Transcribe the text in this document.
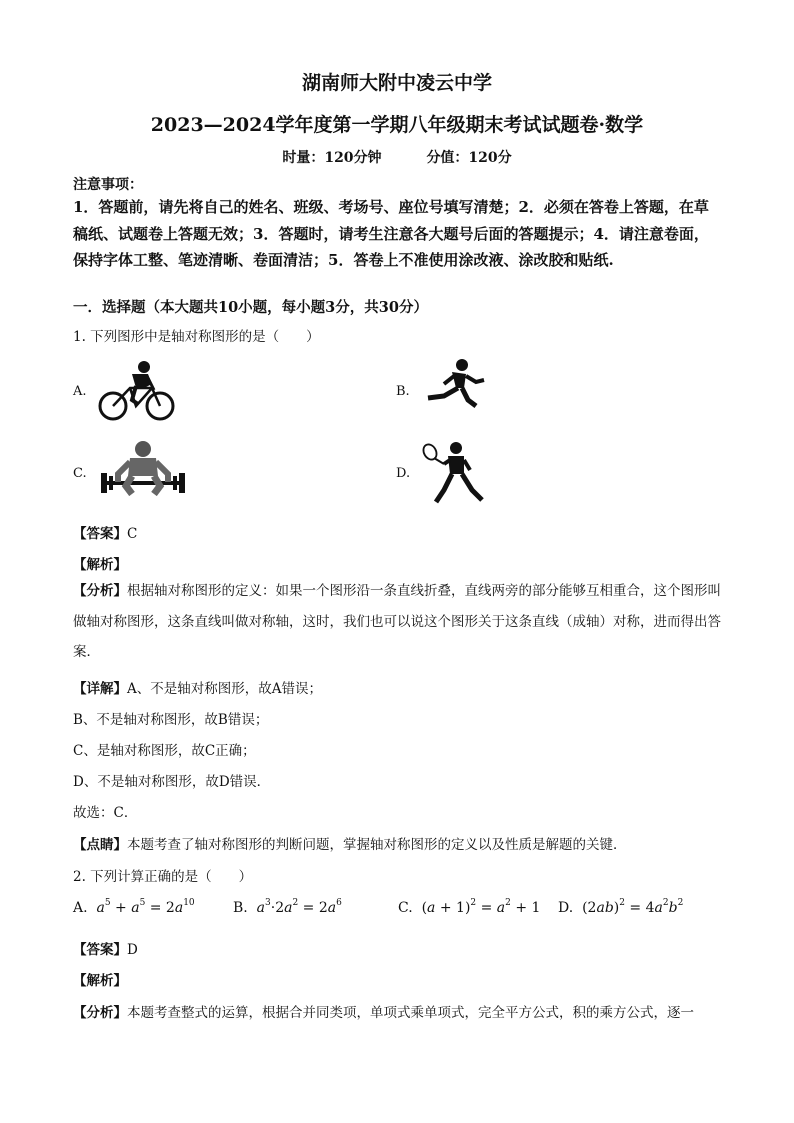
湖南师大附中凌云中学
2023—2024学年度第一学期八年级期末考试试题卷·数学
时量：120分钟	分值：120分
注意事项：

1．答题前，请先将自己的姓名、班级、考场号、座位号填写清楚；2．必须在答卷上答题，在草稿纸、试题卷上答题无效；3．答题时，请考生注意各大题号后面的答题提示；4．请注意卷面，保持字体工整、笔迹清晰、卷面清洁；5．答卷上不准使用涂改液、涂改胶和贴纸.

一．选择题（本大题共10小题，每小题3分，共30分）
1. 下列图形中是轴对称图形的是（　　）
A.	B.
C.	D.
【答案】C
【解析】

【分析】根据轴对称图形的定义：如果一个图形沿一条直线折叠，直线两旁的部分能够互相重合，这个图形叫做轴对称图形，这条直线叫做对称轴，这时，我们也可以说这个图形关于这条直线（成轴）对称，进而得出答案．

【详解】A、不是轴对称图形，故A错误；
B、不是轴对称图形，故B错误；
C、是轴对称图形，故C正确；
D、不是轴对称图形，故D错误．
故选：C．
【点睛】本题考查了轴对称图形的判断问题，掌握轴对称图形的定义以及性质是解题的关键．
2. 下列计算正确的是（　　）
A. $a^5 + a^5 = 2a^{10}$	B. $a^3\cdot 2a^2 = 2a^6$	C.  $(a + 1)^2 = a^2 + 1$ D.  $(2ab)^2 = 4a^2b^2$
【答案】D
【解析】
【分析】本题考查整式的运算，根据合并同类项，单项式乘单项式，完全平方公式，积的乘方公式，逐一
